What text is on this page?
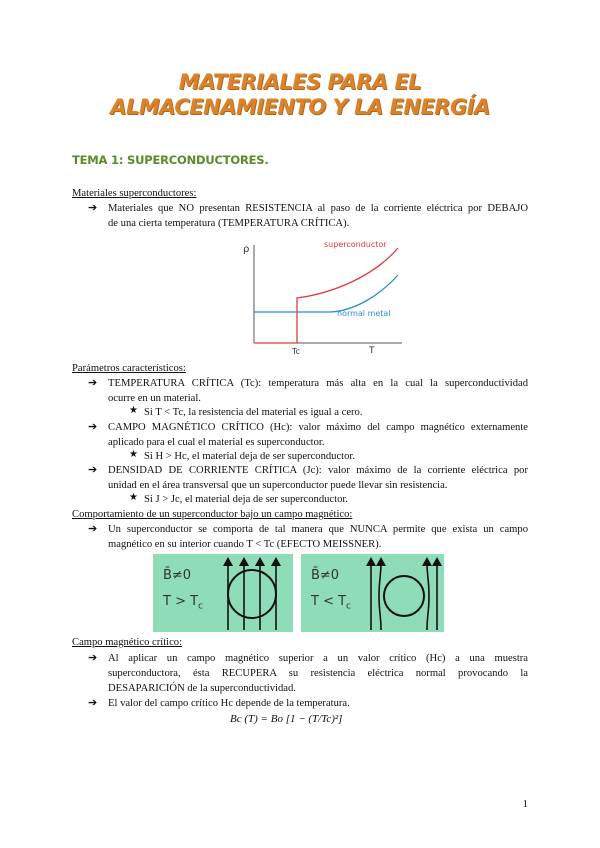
MATERIALES PARA EL
ALMACENAMIENTO Y LA ENERGÍA
TEMA 1: SUPERCONDUCTORES.
Materiales superconductores:
➔ Materiales que NO presentan RESISTENCIA al paso de la corriente eléctrica por DEBAJO
de una cierta temperatura (TEMPERATURA CRÍTICA).
ρ
T
Tc
superconductor
normal metal
Parámetros característicos:
➔ TEMPERATURA CRÍTICA (Tc): temperatura más alta en la cual la superconductividad
ocurre en un material.
★ Si T < Tc, la resistencia del material es igual a cero.
➔ CAMPO MAGNÉTICO CRÍTICO (Hc): valor máximo del campo magnético externamente
aplicado para el cual el material es superconductor.
★ Si H > Hc, el material deja de ser superconductor.
➔ DENSIDAD DE CORRIENTE CRÍTICA (Jc): valor máximo de la corriente eléctrica por
unidad en el área transversal que un superconductor puede llevar sin resistencia.
★ Si J > Jc, el material deja de ser superconductor.
Comportamiento de un superconductor bajo un campo magnético:
➔ Un superconductor se comporta de tal manera que NUNCA permite que exista un campo
magnético en su interior cuando T < Tc (EFECTO MEISSNER).
B̄≠0
$T > T_c$
B̄≠0
$T < T_c$
Campo magnético crítico:
➔ Al aplicar un campo magnético superior a un valor crítico (Hc) a una muestra
superconductora, ésta RECUPERA su resistencia eléctrica normal provocando la
DESAPARICIÓN de la superconductividad.
➔ El valor del campo crítico Hc depende de la temperatura.
Bc (T) = Bo [1 − (T/Tc)²]
1
